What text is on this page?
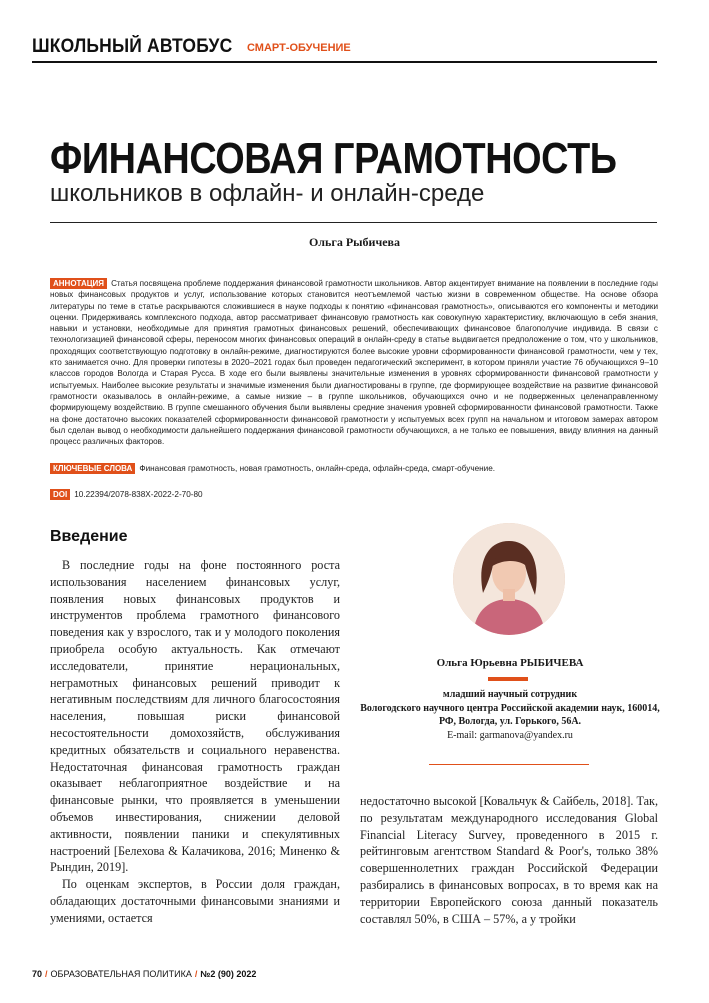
ШКОЛЬНЫЙ АВТОБУС СМАРТ-ОБУЧЕНИЕ
ФИНАНСОВАЯ ГРАМОТНОСТЬ
школьников в офлайн- и онлайн-среде
Ольга Рыбичева
АННОТАЦИЯ Статья посвящена проблеме поддержания финансовой грамотности школьников. Автор акцентирует внимание на появлении в последние годы новых финансовых продуктов и услуг, использование которых становится неотъемлемой частью жизни в современном обществе. На основе обзора литературы по теме в статье раскрываются сложившиеся в науке подходы к понятию «финансовая грамотность», описываются его компоненты и методики оценки. Придерживаясь комплексного подхода, автор рассматривает финансовую грамотность как совокупную характеристику, включающую в себя знания, навыки и установки, необходимые для принятия грамотных финансовых решений, обеспечивающих финансовое благополучие индивида. В связи с технологизацией финансовой сферы, переносом многих финансовых операций в онлайн-среду в статье выдвигается предположение о том, что у школьников, проходящих соответствующую подготовку в онлайн-режиме, диагностируются более высокие уровни сформированности финансовой грамотности, чем у тех, кто занимается очно. Для проверки гипотезы в 2020–2021 годах был проведен педагогический эксперимент, в котором приняли участие 76 обучающихся 9–10 классов городов Вологда и Старая Русса. В ходе его были выявлены значительные изменения в уровнях сформированности финансовой грамотности у испытуемых. Наиболее высокие результаты и значимые изменения были диагностированы в группе, где формирующее воздействие на развитие финансовой грамотности оказывалось в онлайн-режиме, а самые низкие – в группе школьников, обучающихся очно и не подверженных целенаправленному формирующему воздействию. В группе смешанного обучения были выявлены средние значения уровней сформированности финансовой грамотности. Также на фоне достаточно высоких показателей сформированности финансовой грамотности у испытуемых всех групп на начальном и итоговом замерах автором был сделан вывод о необходимости дальнейшего поддержания финансовой грамотности обучающихся, а не только ее повышения, ввиду влияния на данный процесс различных факторов.
КЛЮЧЕВЫЕ СЛОВА Финансовая грамотность, новая грамотность, онлайн-среда, офлайн-среда, смарт-обучение.
DOI 10.22394/2078-838X-2022-2-70-80
Введение

В последние годы на фоне постоянного роста использования населением финансовых услуг, появления новых финансовых продуктов и инструментов проблема грамотного финансового поведения как у взрослого, так и у молодого поколения приобрела особую актуальность. Как отмечают исследователи, принятие нерациональных, неграмотных финансовых решений приводит к негативным последствиям для личного благосостояния населения, повышая риски финансовой несостоятельности домохозяйств, обслуживания кредитных обязательств и социального неравенства. Недостаточная финансовая грамотность граждан оказывает неблагоприятное воздействие и на финансовые рынки, что проявляется в уменьшении объемов инвестирования, снижении деловой активности, появлении паники и спекулятивных настроений [Белехова & Калачикова, 2016; Миненко & Рындин, 2019].

По оценкам экспертов, в России доля граждан, обладающих достаточными финансовыми знаниями и умениями, остается

Ольга Юрьевна РЫБИЧЕВА
младший научный сотрудник
Вологодского научного центра Российской академии наук, 160014, РФ, Вологда, ул. Горького, 56А.
E-mail: garmanova@yandex.ru

недостаточно высокой [Ковальчук & Сайбель, 2018]. Так, по результатам международного исследования Global Financial Literacy Survey, проведенного в 2015 г. рейтинговым агентством Standard & Poor's, только 38% совершеннолетних граждан Российской Федерации разбирались в финансовых вопросах, в то время как на территории Европейского союза данный показатель составлял 50%, в США – 57%, а у тройки

70 / ОБРАЗОВАТЕЛЬНАЯ ПОЛИТИКА / №2 (90) 2022
